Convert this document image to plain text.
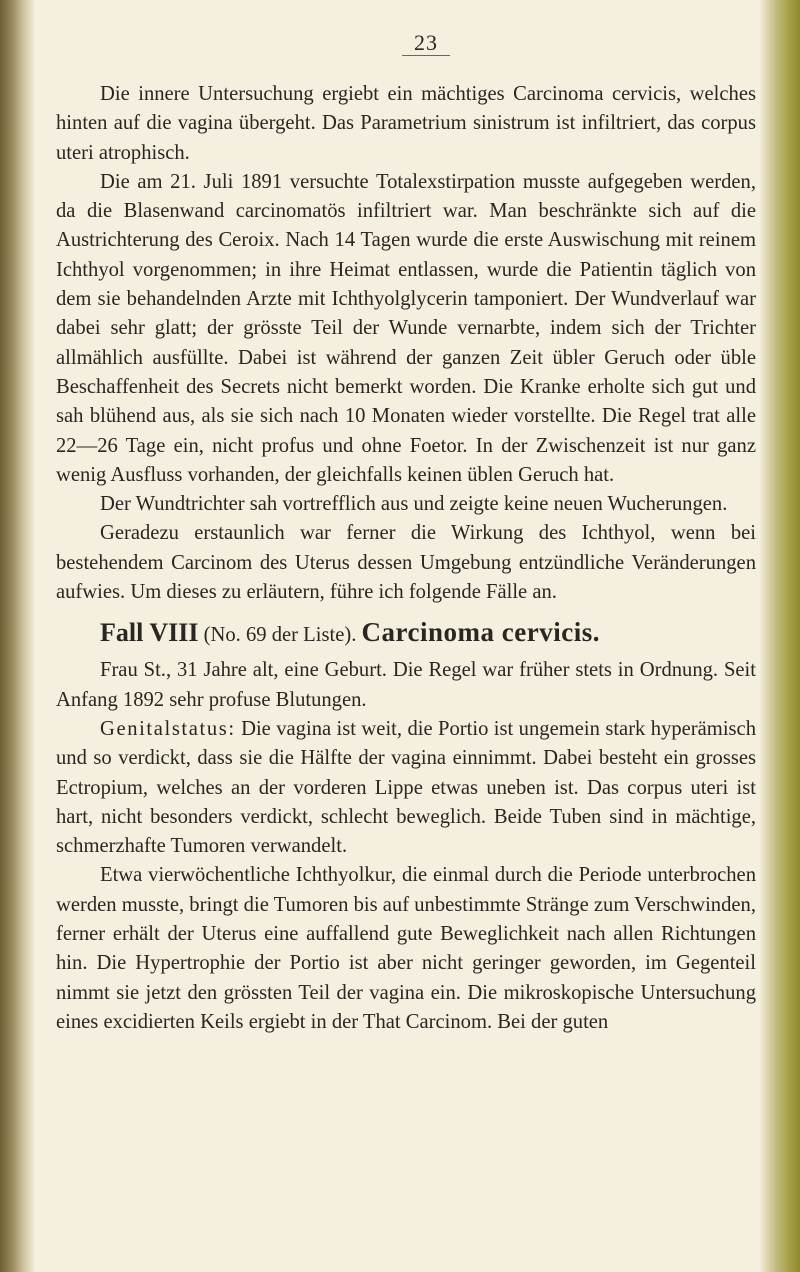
23

Die innere Untersuchung ergiebt ein mächtiges Carcinoma cervicis, welches hinten auf die vagina übergeht. Das Parametrium sinistrum ist infiltriert, das corpus uteri atrophisch.

Die am 21. Juli 1891 versuchte Totalexstirpation musste aufgegeben werden, da die Blasenwand carcinomatös infiltriert war. Man beschränkte sich auf die Austrichterung des Ceroix. Nach 14 Tagen wurde die erste Auswischung mit reinem Ichthyol vorgenommen; in ihre Heimat entlassen, wurde die Patientin täglich von dem sie behandelnden Arzte mit Ichthyolglycerin tamponiert. Der Wundverlauf war dabei sehr glatt; der grösste Teil der Wunde vernarbte, indem sich der Trichter allmählich ausfüllte. Dabei ist während der ganzen Zeit übler Geruch oder üble Beschaffenheit des Secrets nicht bemerkt worden. Die Kranke erholte sich gut und sah blühend aus, als sie sich nach 10 Monaten wieder vorstellte. Die Regel trat alle 22—26 Tage ein, nicht profus und ohne Foetor. In der Zwischenzeit ist nur ganz wenig Ausfluss vorhanden, der gleichfalls keinen üblen Geruch hat.

Der Wundtrichter sah vortrefflich aus und zeigte keine neuen Wucherungen.

Geradezu erstaunlich war ferner die Wirkung des Ichthyol, wenn bei bestehendem Carcinom des Uterus dessen Umgebung entzündliche Veränderungen aufwies. Um dieses zu erläutern, führe ich folgende Fälle an.

Fall VIII (No. 69 der Liste). Carcinoma cervicis.

Frau St., 31 Jahre alt, eine Geburt. Die Regel war früher stets in Ordnung. Seit Anfang 1892 sehr profuse Blutungen.

Genitalstatus: Die vagina ist weit, die Portio ist ungemein stark hyperämisch und so verdickt, dass sie die Hälfte der vagina einnimmt. Dabei besteht ein grosses Ectropium, welches an der vorderen Lippe etwas uneben ist. Das corpus uteri ist hart, nicht besonders verdickt, schlecht beweglich. Beide Tuben sind in mächtige, schmerzhafte Tumoren verwandelt.

Etwa vierwöchentliche Ichthyolkur, die einmal durch die Periode unterbrochen werden musste, bringt die Tumoren bis auf unbestimmte Stränge zum Verschwinden, ferner erhält der Uterus eine auffallend gute Beweglichkeit nach allen Richtungen hin. Die Hypertrophie der Portio ist aber nicht geringer geworden, im Gegenteil nimmt sie jetzt den grössten Teil der vagina ein. Die mikroskopische Untersuchung eines excidierten Keils ergiebt in der That Carcinom. Bei der guten
